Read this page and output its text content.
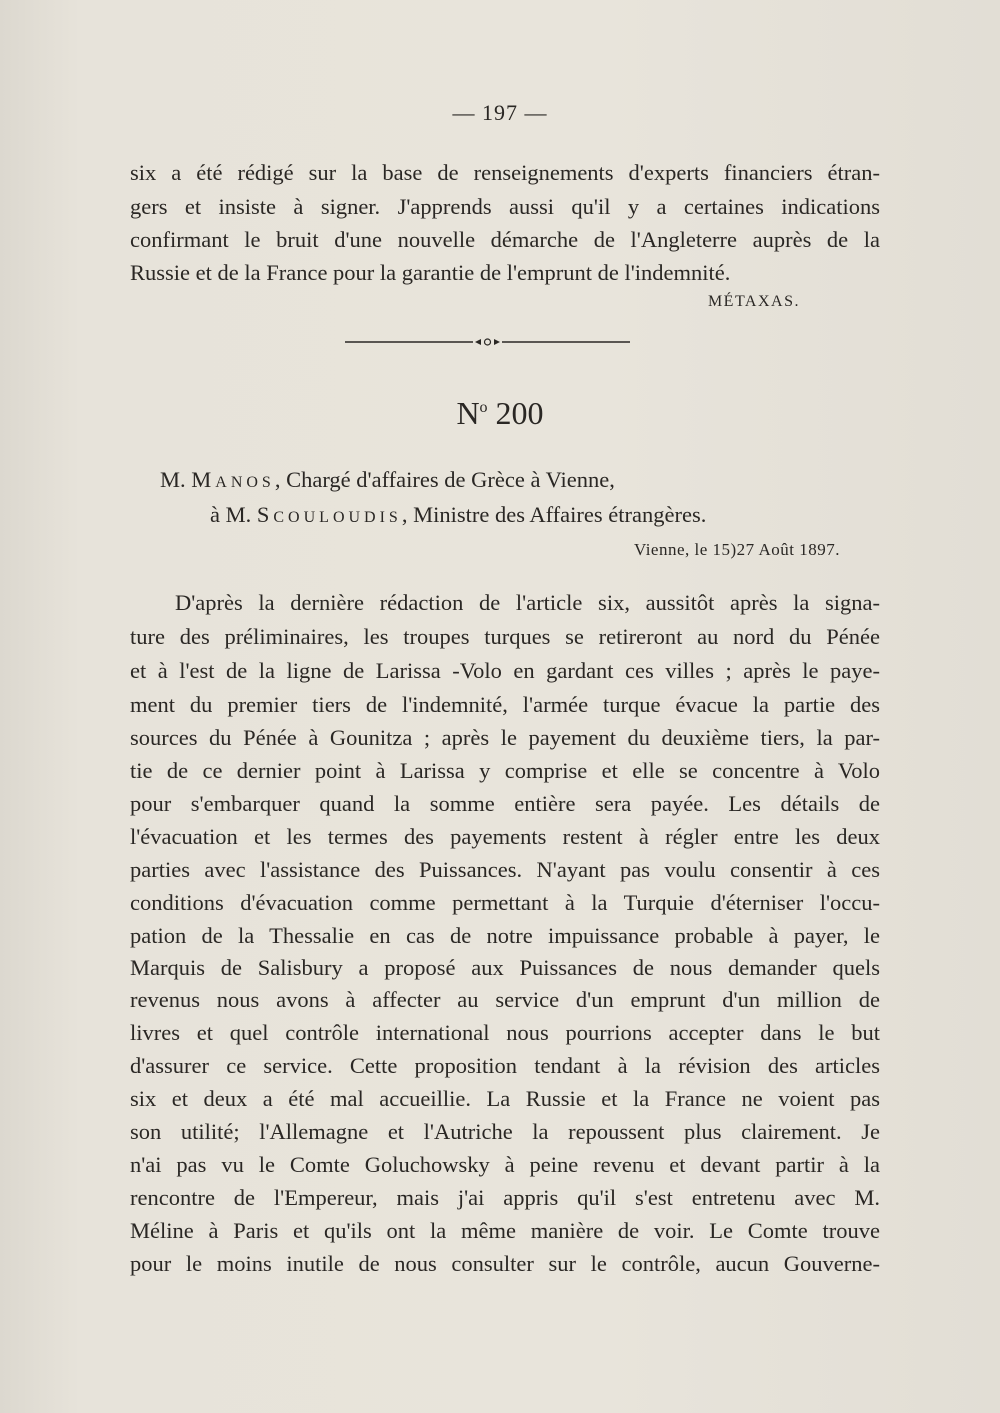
— 197 —
six a été rédigé sur la base de renseignements d'experts financiers étran-
gers et insiste à signer. J'apprends aussi qu'il y a certaines indications
confirmant le bruit d'une nouvelle démarche de l'Angleterre auprès de la
Russie et de la France pour la garantie de l'emprunt de l'indemnité.
MÉTAXAS.
$N^o$ 200
M. Manos, Chargé d'affaires de Grèce à Vienne,
à M. Scouloudis, Ministre des Affaires étrangères.
Vienne, le 15)27 Août 1897.
D'après la dernière rédaction de l'article six, aussitôt après la signa-
ture des préliminaires, les troupes turques se retireront au nord du Pénée
et à l'est de la ligne de Larissa -Volo en gardant ces villes ; après le paye-
ment du premier tiers de l'indemnité, l'armée turque évacue la partie des
sources du Pénée à Gounitza ; après le payement du deuxième tiers, la par-
tie de ce dernier point à Larissa y comprise et elle se concentre à Volo
pour s'embarquer quand la somme entière sera payée. Les détails de
l'évacuation et les termes des payements restent à régler entre les deux
parties avec l'assistance des Puissances. N'ayant pas voulu consentir à ces
conditions d'évacuation comme permettant à la Turquie d'éterniser l'occu-
pation de la Thessalie en cas de notre impuissance probable à payer, le
Marquis de Salisbury a proposé aux Puissances de nous demander quels
revenus nous avons à affecter au service d'un emprunt d'un million de
livres et quel contrôle international nous pourrions accepter dans le but
d'assurer ce service. Cette proposition tendant à la révision des articles
six et deux a été mal accueillie. La Russie et la France ne voient pas
son utilité; l'Allemagne et l'Autriche la repoussent plus clairement. Je
n'ai pas vu le Comte Goluchowsky à peine revenu et devant partir à la
rencontre de l'Empereur, mais j'ai appris qu'il s'est entretenu avec M.
Méline à Paris et qu'ils ont la même manière de voir. Le Comte trouve
pour le moins inutile de nous consulter sur le contrôle, aucun Gouverne-
